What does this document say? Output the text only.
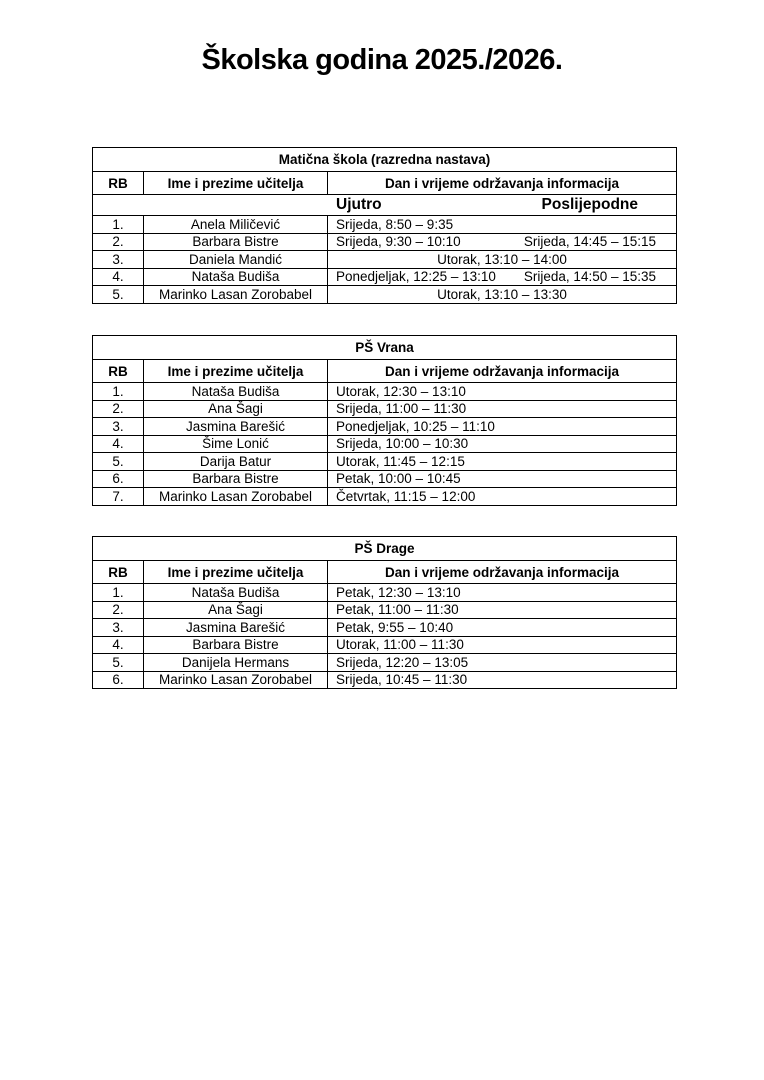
Školska godina 2025./2026.
Matična škola (razredna nastava)		
RB	Ime i prezime učitelja	Dan i vrijeme održavanja informacija

Ujutro Poslijepodne		

1.	Anela Miličević	Srijeda, 8:50 – 9:35

2.	Barbara Bistre	Srijeda, 9:30 – 10:10 Srijeda, 14:45 – 15:15

3.	Daniela Mandić	Utorak, 13:10 – 14:00
4.	Nataša Budiša	Ponedjeljak, 12:25 – 13:10 Srijeda, 14:50 – 15:35

5.	Marinko Lasan Zorobabel	Utorak, 13:10 – 13:30
PŠ Vrana		
RB	Ime i prezime učitelja	Dan i vrijeme održavanja informacija
1.	Nataša Budiša	Utorak, 12:30 – 13:10
2.	Ana Šagi	Srijeda, 11:00 – 11:30
3.	Jasmina Barešić	Ponedjeljak, 10:25 – 11:10
4.	Šime Lonić	Srijeda, 10:00 – 10:30
5.	Darija Batur	Utorak, 11:45 – 12:15
6.	Barbara Bistre	Petak, 10:00 – 10:45
7.	Marinko Lasan Zorobabel	Četvrtak, 11:15 – 12:00
PŠ Drage		
RB	Ime i prezime učitelja	Dan i vrijeme održavanja informacija
1.	Nataša Budiša	Petak, 12:30 – 13:10
2.	Ana Šagi	Petak, 11:00 – 11:30
3.	Jasmina Barešić	Petak, 9:55 – 10:40
4.	Barbara Bistre	Utorak, 11:00 – 11:30
5.	Danijela Hermans	Srijeda, 12:20 – 13:05
6.	Marinko Lasan Zorobabel	Srijeda, 10:45 – 11:30
